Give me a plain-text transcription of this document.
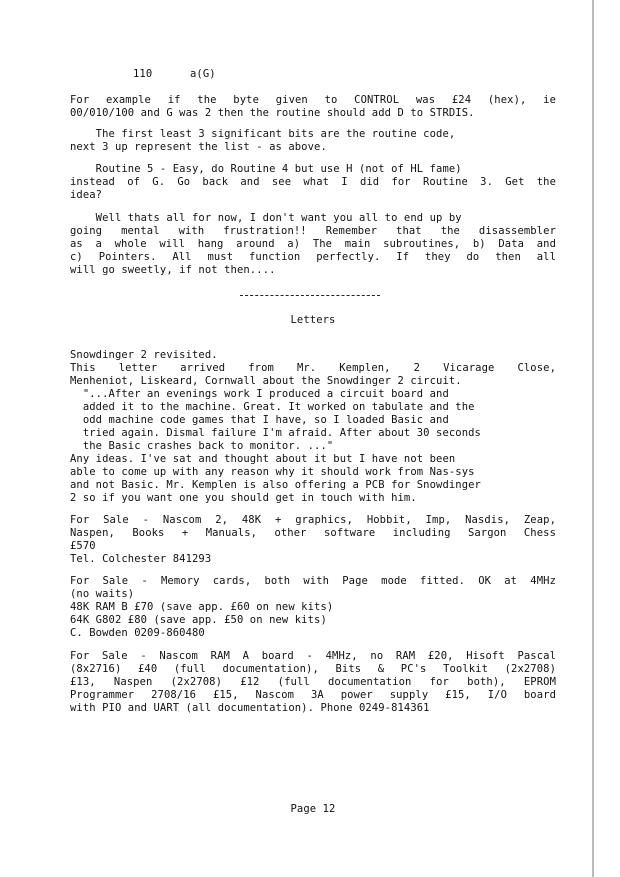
110	a(G)
For example if the byte given to CONTROL was £24 (hex), ie
00/010/100 and G was 2 then the routine should add D to STRDIS.
The first least 3 significant bits are the routine code,
next 3 up represent the list - as above.
Routine 5 - Easy, do Routine 4 but use H (not of HL fame)
instead of G. Go back and see what I did for Routine 3. Get the
idea?
Well thats all for now, I don't want you all to end up by
going mental with frustration!! Remember that the disassembler
as a whole will hang around a) The main subroutines, b) Data and
c) Pointers. All must function perfectly. If they do then all
will go sweetly, if not then....
Letters
Snowdinger 2 revisited.
This letter arrived from Mr. Kemplen, 2 Vicarage Close,
Menheniot, Liskeard, Cornwall about the Snowdinger 2 circuit.
"...After an evenings work I produced a circuit board and
added it to the machine. Great. It worked on tabulate and the
odd machine code games that I have, so I loaded Basic and
tried again. Dismal failure I'm afraid. After about 30 seconds
the Basic crashes back to monitor. ..."
Any ideas. I've sat and thought about it but I have not been
able to come up with any reason why it should work from Nas-sys
and not Basic. Mr. Kemplen is also offering a PCB for Snowdinger
2 so if you want one you should get in touch with him.
For Sale - Nascom 2, 48K + graphics, Hobbit, Imp, Nasdis, Zeap,
Naspen, Books + Manuals, other software including Sargon Chess
£570
Tel. Colchester 841293
For Sale - Memory cards, both with Page mode fitted. OK at 4MHz
(no waits)
48K RAM B £70 (save app. £60 on new kits)
64K G802 £80 (save app. £50 on new kits)
C. Bowden 0209-860480
For Sale - Nascom RAM A board - 4MHz, no RAM £20, Hisoft Pascal
(8x2716) £40 (full documentation), Bits & PC's Toolkit (2x2708)
£13, Naspen (2x2708) £12 (full documentation for both), EPROM
Programmer 2708/16 £15, Nascom 3A power supply £15, I/O board
with PIO and UART (all documentation). Phone 0249-814361
Page 12
